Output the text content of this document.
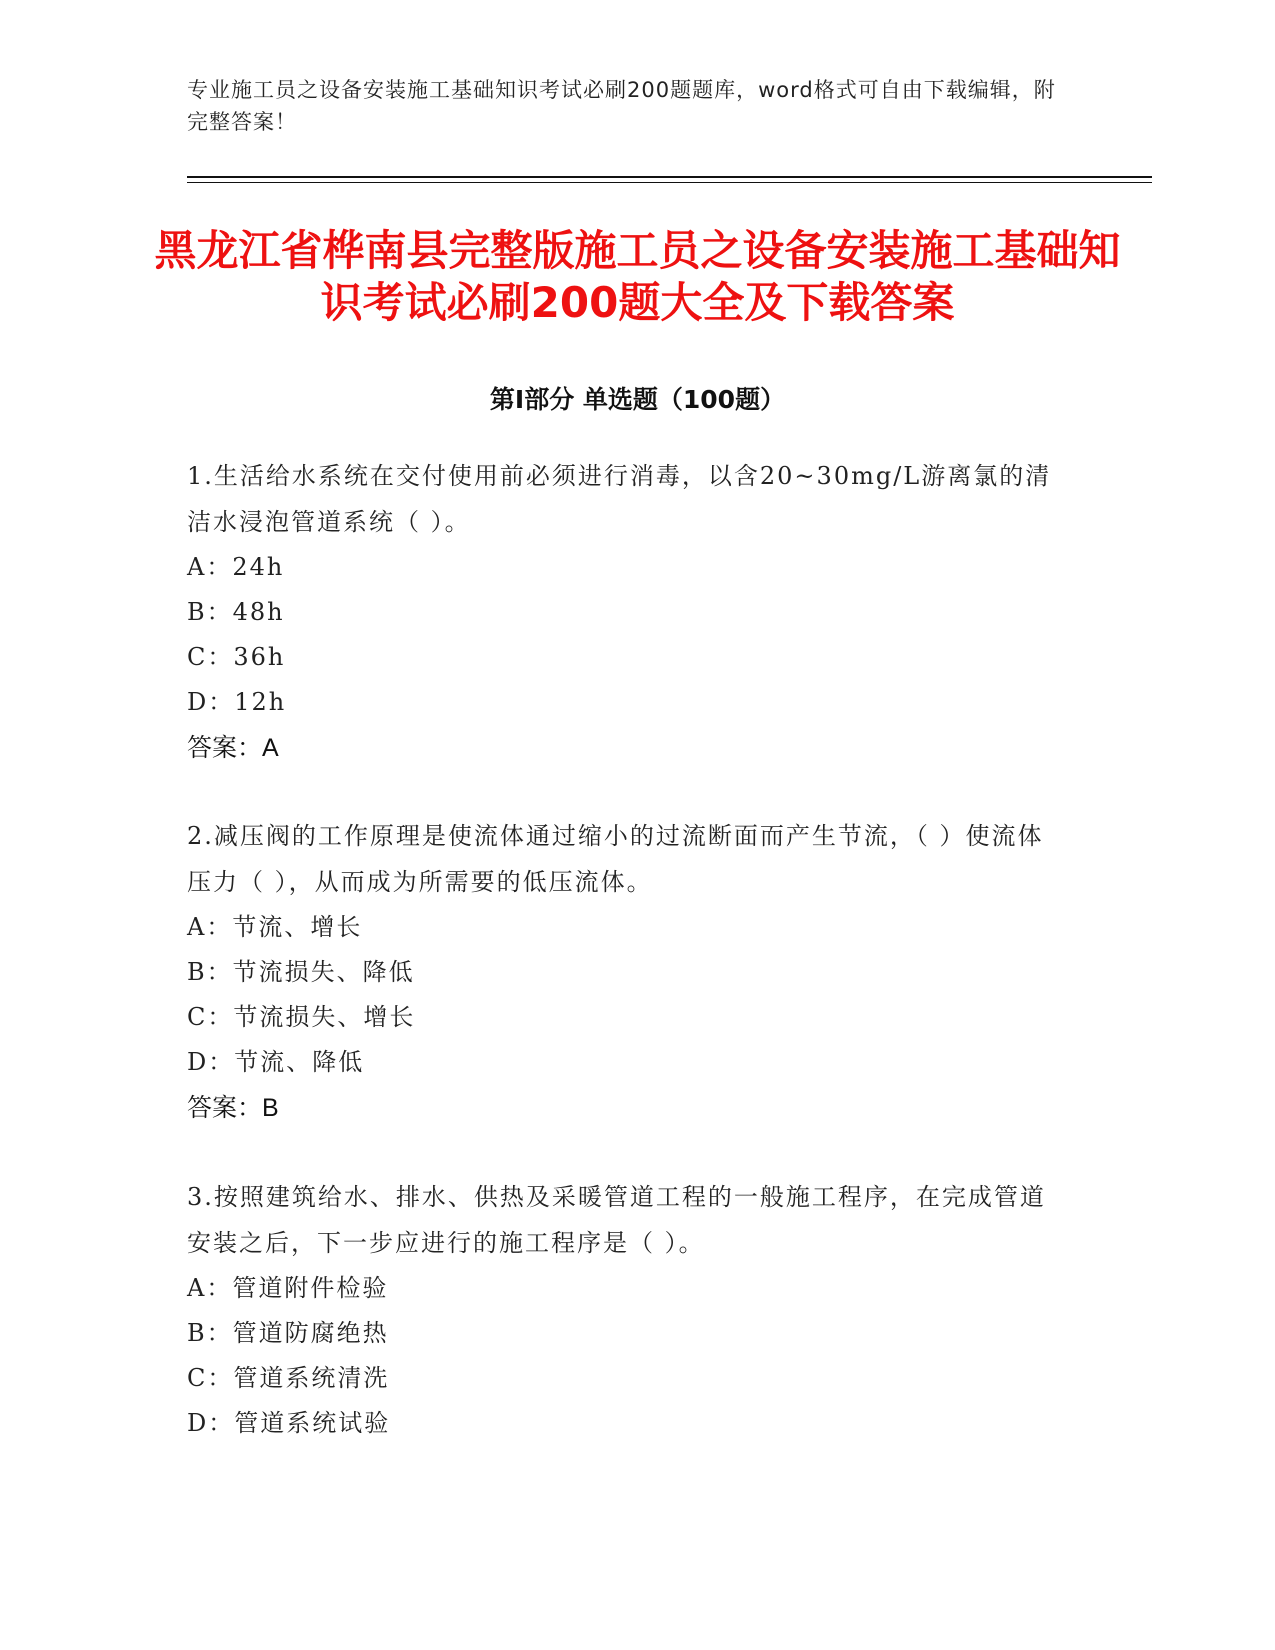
专业施工员之设备安装施工基础知识考试必刷200题题库，word格式可自由下载编辑，附完整答案！
黑龙江省桦南县完整版施工员之设备安装施工基础知识考试必刷200题大全及下载答案
第Ⅰ部分 单选题（100题）

1.生活给水系统在交付使用前必须进行消毒，以含20~30mg/L游离氯的清洁水浸泡管道系统（ ）。

A：24h

B：48h

C：36h

D：12h

答案：A

2.减压阀的工作原理是使流体通过缩小的过流断面而产生节流，（ ）使流体压力（ ），从而成为所需要的低压流体。

A：节流、增长

B：节流损失、降低

C：节流损失、增长

D：节流、降低

答案：B

3.按照建筑给水、排水、供热及采暖管道工程的一般施工程序，在完成管道安装之后，下一步应进行的施工程序是（ ）。

A：管道附件检验

B：管道防腐绝热

C：管道系统清洗

D：管道系统试验
